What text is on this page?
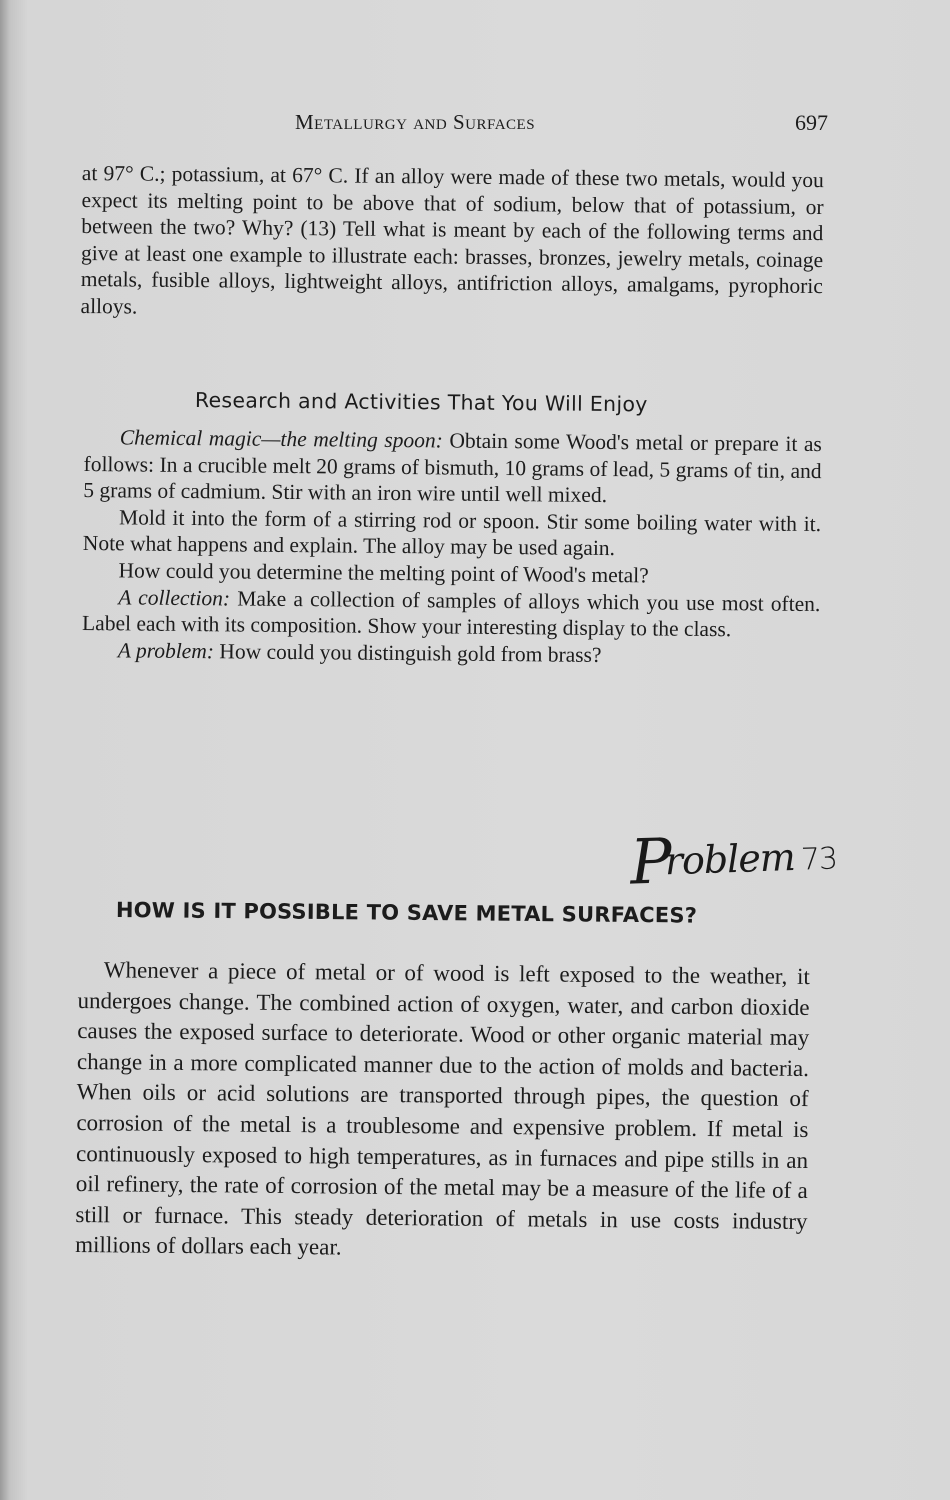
Metallurgy and Surfaces	697

at 97° C.; potassium, at 67° C. If an alloy were made of these two metals, would you expect its melting point to be above that of sodium, below that of potassium, or between the two? Why? (13) Tell what is meant by each of the following terms and give at least one example to illustrate each: brasses, bronzes, jewelry metals, coinage metals, fusible alloys, lightweight alloys, antifriction alloys, amalgams, pyrophoric alloys.

Research and Activities That You Will Enjoy

Chemical magic—the melting spoon: Obtain some Wood's metal or prepare it as follows: In a crucible melt 20 grams of bismuth, 10 grams of lead, 5 grams of tin, and 5 grams of cadmium. Stir with an iron wire until well mixed.

Mold it into the form of a stirring rod or spoon. Stir some boiling water with it. Note what happens and explain. The alloy may be used again.

How could you determine the melting point of Wood's metal?

A collection: Make a collection of samples of alloys which you use most often. Label each with its composition. Show your interesting display to the class.

A problem: How could you distinguish gold from brass?

Problem 73
HOW IS IT POSSIBLE TO SAVE METAL SURFACES?

Whenever a piece of metal or of wood is left exposed to the weather, it undergoes change. The combined action of oxygen, water, and carbon dioxide causes the exposed surface to deteriorate. Wood or other organic material may change in a more complicated manner due to the action of molds and bacteria. When oils or acid solutions are transported through pipes, the question of corrosion of the metal is a troublesome and expensive problem. If metal is continuously exposed to high temperatures, as in furnaces and pipe stills in an oil refinery, the rate of corrosion of the metal may be a measure of the life of a still or furnace. This steady deterioration of metals in use costs industry millions of dollars each year.
